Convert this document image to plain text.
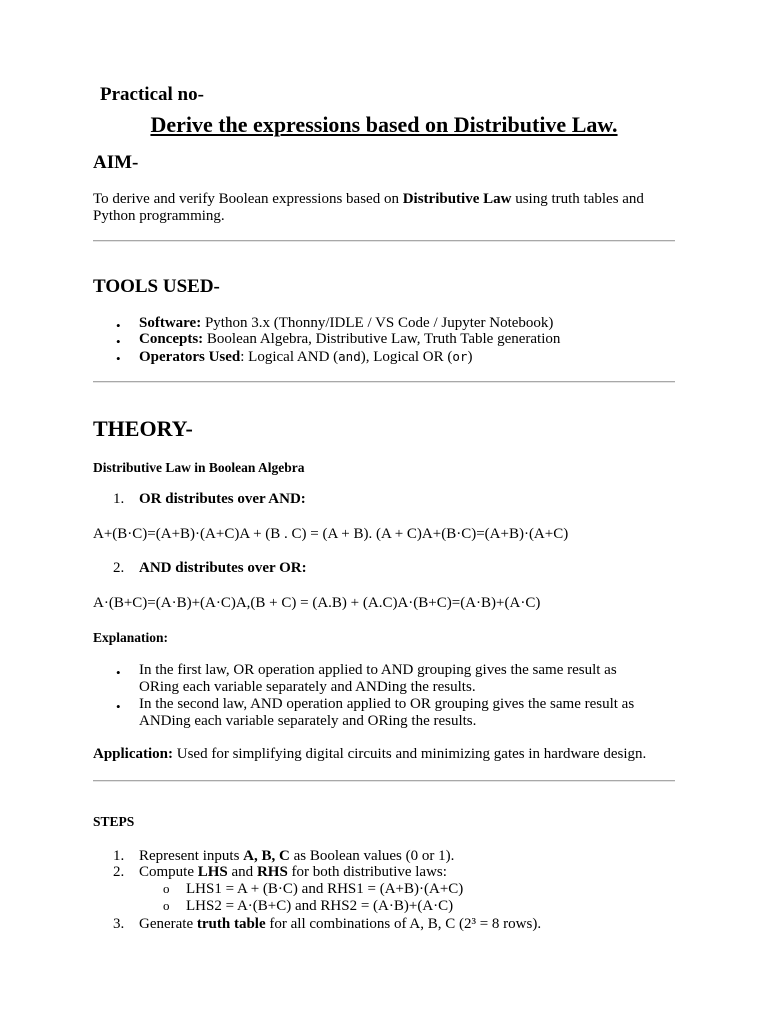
Practical no-
Derive the expressions based on Distributive Law.
AIM-
To derive and verify Boolean expressions based on Distributive Law using truth tables and
Python programming.
TOOLS USED-
• Software: Python 3.x (Thonny/IDLE / VS Code / Jupyter Notebook)
• Concepts: Boolean Algebra, Distributive Law, Truth Table generation
• Operators Used: Logical AND (and), Logical OR (or)
THEORY-
Distributive Law in Boolean Algebra
1. OR distributes over AND:
A+(B·C)=(A+B)·(A+C)A + (B . C) = (A + B). (A + C)A+(B·C)=(A+B)·(A+C)
2. AND distributes over OR:
A·(B+C)=(A·B)+(A·C)A,(B + C) = (A.B) + (A.C)A·(B+C)=(A·B)+(A·C)
Explanation:
• In the first law, OR operation applied to AND grouping gives the same result as
ORing each variable separately and ANDing the results.
• In the second law, AND operation applied to OR grouping gives the same result as
ANDing each variable separately and ORing the results.
Application: Used for simplifying digital circuits and minimizing gates in hardware design.
STEPS
1. Represent inputs A, B, C as Boolean values (0 or 1).
2. Compute LHS and RHS for both distributive laws:
o LHS1 = A + (B·C) and RHS1 = (A+B)·(A+C)
o LHS2 = A·(B+C) and RHS2 = (A·B)+(A·C)
3. Generate truth table for all combinations of A, B, C (2³ = 8 rows).
